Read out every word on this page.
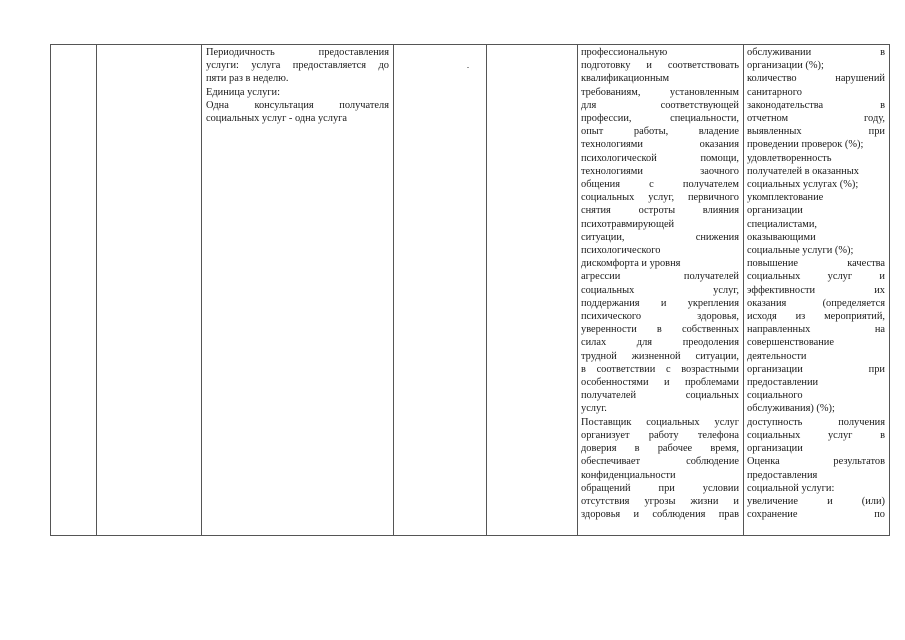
Периодичность предоставления

услуги: услуга предоставляется до

пяти раз в неделю.

Единица услуги:

Одна консультация получателя

социальных услуг - одна услуга

профессиональную

подготовку и соответствовать

квалификационным

требованиям, установленным

для соответствующей

профессии, специальности,

опыт работы, владение

технологиями оказания

психологической помощи,

технологиями заочного

общения с получателем

социальных услуг, первичного

снятия остроты влияния

психотравмирующей

ситуации, снижения

психологического

дискомфорта и уровня

агрессии получателей

социальных услуг,

поддержания и укрепления

психического здоровья,

уверенности в собственных

силах для преодоления

трудной жизненной ситуации,

в соответствии с возрастными

особенностями и проблемами

получателей социальных

услуг.

Поставщик социальных услуг

организует работу телефона

доверия в рабочее время,

обеспечивает соблюдение

конфиденциальности

обращений при условии

отсутствия угрозы жизни и

здоровья и соблюдения прав

обслуживании в

организации (%);

количество нарушений

санитарного

законодательства в

отчетном году,

выявленных при

проведении проверок (%);

удовлетворенность

получателей в оказанных

социальных услугах (%);

укомплектование

организации

специалистами,

оказывающими

социальные услуги (%);

повышение качества

социальных услуг и

эффективности их

оказания (определяется

исходя из мероприятий,

направленных на

совершенствование

деятельности

организации при

предоставлении

социального

обслуживания) (%);

доступность получения

социальных услуг в

организации

Оценка результатов

предоставления

социальной услуги:

увеличение и (или)

сохранение по
